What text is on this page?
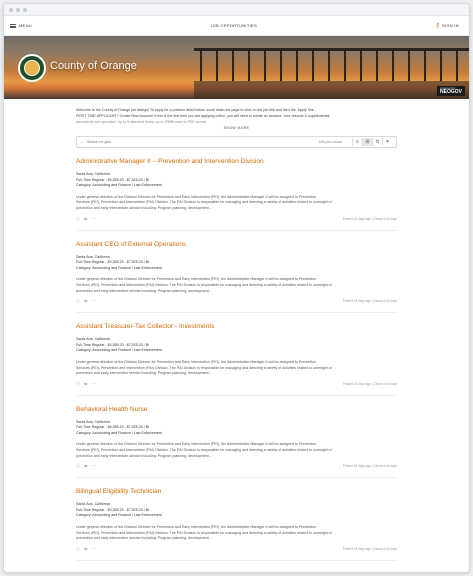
MENU	JOB OPPORTUNITIES	⚷ SIGN IN
County of Orange
powered by
NEOGOV
Welcome to the County of Orange job listings! To apply for a position listed below, scroll down the page to click on the job title and then the 'Apply' link.
FIRST TIME APPLICANT? Create New Account! If this is the first time you are applying online, you will need to create an account. Your resume & supplemental
documents are uploaded. Up to 5 attached items, up to 20MB each in PDF format.
SHOW MORE
⌕
Search for jobs	108 jobs found	≡	⊞	⇅	⏷
Administrative Manager II – Prevention and Intervention Division
Santa Ana, California
Full-Time Regular - $4,555.20 - $7,525.20 / Bi
Category: Accounting and Finance / Law Enforcement
Under general direction of the Division Director for Prevention and Early Intervention (PEI), the Administrative Manager II will be assigned to Prevention
Services (PEI), Prevention and Intervention (P&I) Division. The P&I Division is responsible for managing and directing a variety of activities related to oversight of
prevention and early intervention service including: Program planning, development...
ⓘ ⇆ ⋯	Posted 23 days ago | Closes in 8 days
Assistant CEO of External Operations
Santa Ana, California
Full-Time Regular - $4,555.20 - $7,525.20 / Bi
Category: Accounting and Finance / Law Enforcement
Under general direction of the Division Director for Prevention and Early Intervention (PEI), the Administrative Manager II will be assigned to Prevention
Services (PEI), Prevention and Intervention (P&I) Division. The P&I Division is responsible for managing and directing a variety of activities related to oversight of
prevention and early intervention service including: Program planning, development...
ⓘ ⇆ ⋯	Posted 23 days ago | Closes in 8 days
Assistant Treasurer-Tax Collector - Investments
Santa Ana, California
Full-Time Regular - $4,555.20 - $7,525.20 / Bi
Category: Accounting and Finance / Law Enforcement
Under general direction of the Division Director for Prevention and Early Intervention (PEI), the Administrative Manager II will be assigned to Prevention
Services (PEI), Prevention and Intervention (P&I) Division. The P&I Division is responsible for managing and directing a variety of activities related to oversight of
prevention and early intervention service including: Program planning, development...
ⓘ ⇆ ⋯	Posted 23 days ago | Closes in 8 days
Behavioral Health Nurse
Santa Ana, California
Full-Time Regular - $4,555.20 - $7,525.20 / Bi
Category: Accounting and Finance / Law Enforcement
Under general direction of the Division Director for Prevention and Early Intervention (PEI), the Administrative Manager II will be assigned to Prevention
Services (PEI), Prevention and Intervention (P&I) Division. The P&I Division is responsible for managing and directing a variety of activities related to oversight of
prevention and early intervention service including: Program planning, development...
ⓘ ⇆ ⋯	Posted 23 days ago | Closes in 8 days
Bilingual Eligibility Technician
Santa Ana, California
Full-Time Regular - $4,555.20 - $7,525.20 / Bi
Category: Accounting and Finance / Law Enforcement
Under general direction of the Division Director for Prevention and Early Intervention (PEI), the Administrative Manager II will be assigned to Prevention
Services (PEI), Prevention and Intervention (P&I) Division. The P&I Division is responsible for managing and directing a variety of activities related to oversight of
prevention and early intervention service including: Program planning, development...
ⓘ ⇆ ⋯	Posted 23 days ago | Closes in 8 days
